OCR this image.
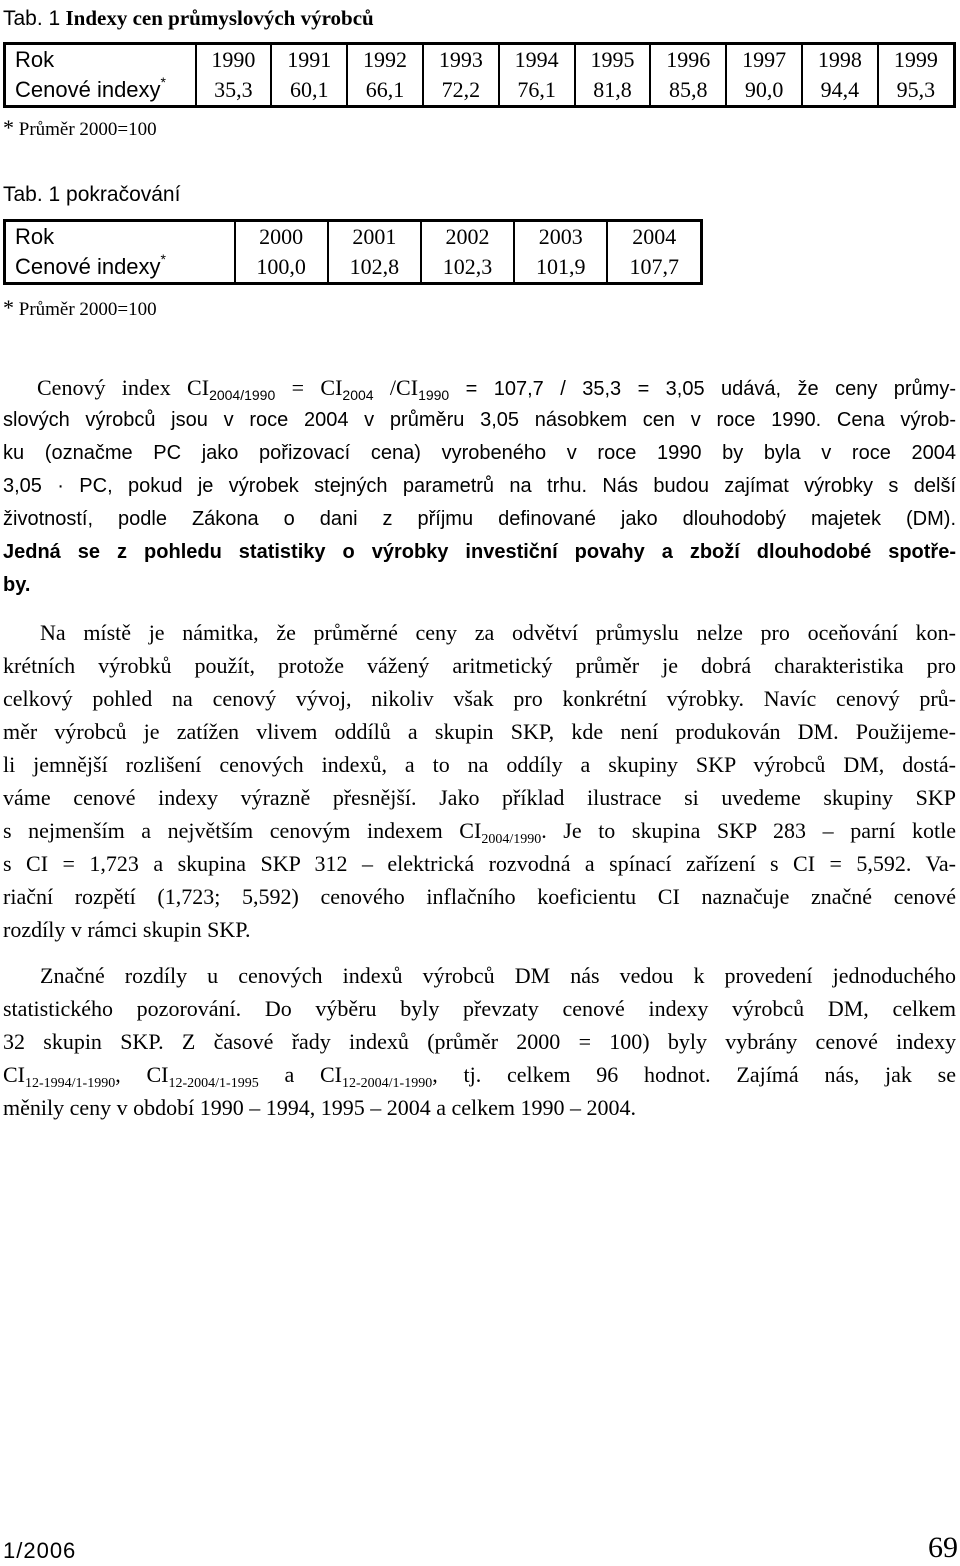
Tab. 1 Indexy cen průmyslových výrobců
Rok	1990	1991	1992	1993	1994	1995	1996	1997	1998	1999
Cenové indexy*	35,3	60,1	66,1	72,2	76,1	81,8	85,8	90,0	94,4	95,3
* Průměr 2000=100
Tab. 1 pokračování
Rok	2000	2001	2002	2003	2004
Cenové indexy*	100,0	102,8	102,3	101,9	107,7
* Průměr 2000=100
Cenový index $CI_{2004/1990} = CI_{2004}$ $/CI_{1990} = 107,7 / 35,3 = 3,05$ udává, že ceny průmy-
slových výrobců jsou v roce 2004 v průměru 3,05 násobkem cen v roce 1990. Cena výrob-
ku (označme PC jako pořizovací cena) vyrobeného v roce 1990 by byla v roce 2004
3,05 · PC, pokud je výrobek stejných parametrů na trhu. Nás budou zajímat výrobky s delší
životností, podle Zákona o dani z příjmu definované jako dlouhodobý majetek (DM).
Jedná se z pohledu statistiky o výrobky investiční povahy a zboží dlouhodobé spotře-
by.
Na místě je námitka, že průměrné ceny za odvětví průmyslu nelze pro oceňování kon-
krétních výrobků použít, protože vážený aritmetický průměr je dobrá charakteristika pro
celkový pohled na cenový vývoj, nikoliv však pro konkrétní výrobky. Navíc cenový prů-
měr výrobců je zatížen vlivem oddílů a skupin SKP, kde není produkován DM. Použijeme-
li jemnější rozlišení cenových indexů, a to na oddíly a skupiny SKP výrobců DM, dostá-
váme cenové indexy výrazně přesnější. Jako příklad ilustrace si uvedeme skupiny SKP
s nejmenším a největším cenovým indexem $CI_{2004/1990}$. Je to skupina SKP 283 – parní kotle
s CI = 1,723 a skupina SKP 312 – elektrická rozvodná a spínací zařízení s CI = 5,592. Va-
riační rozpětí (1,723; 5,592) cenového inflačního koeficientu CI naznačuje značné cenové
rozdíly v rámci skupin SKP.
Značné rozdíly u cenových indexů výrobců DM nás vedou k provedení jednoduchého
statistického pozorování. Do výběru byly převzaty cenové indexy výrobců DM, celkem
32 skupin SKP. Z časové řady indexů (průměr 2000 = 100) byly vybrány cenové indexy
$CI_{12-1994/1-1990}$, $CI_{12-2004/1-1995}$ a $CI_{12-2004/1-1990}$, tj. celkem 96 hodnot. Zajímá nás, jak se
měnily ceny v období 1990 – 1994, 1995 – 2004 a celkem 1990 – 2004.
1/2006	69
